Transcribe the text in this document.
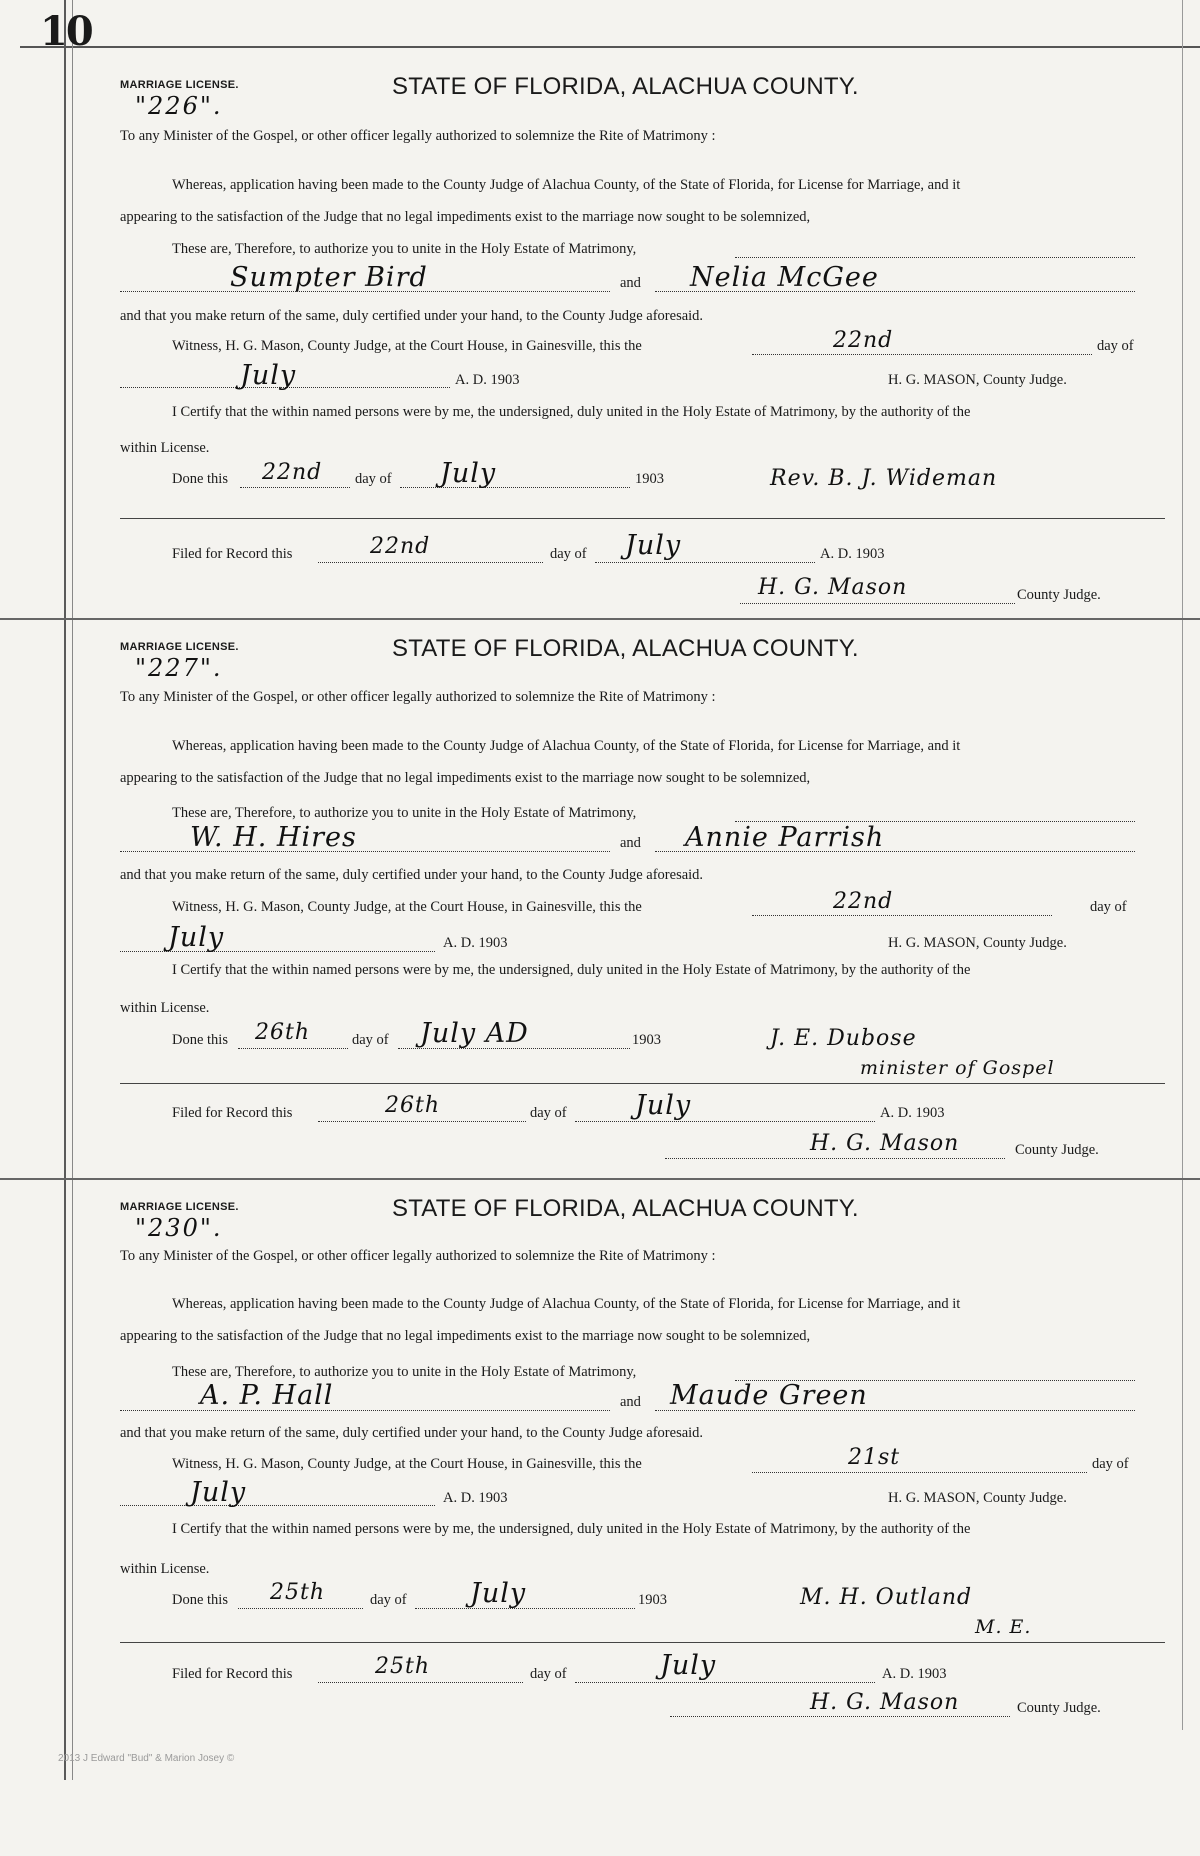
10
MARRIAGE LICENSE.
"226".
STATE OF FLORIDA, ALACHUA COUNTY.
To any Minister of the Gospel, or other officer legally authorized to solemnize the Rite of Matrimony :
Whereas, application having been made to the County Judge of Alachua County, of the State of Florida, for License for Marriage, and it
appearing to the satisfaction of the Judge that no legal impediments exist to the marriage now sought to be solemnized,
These are, Therefore, to authorize you to unite in the Holy Estate of Matrimony,
Sumpter Bird	and Nelia McGee
and that you make return of the same, duly certified under your hand, to the County Judge aforesaid.
Witness, H. G. Mason, County Judge, at the Court House, in Gainesville, this the	22nd	day of
July	A. D. 1903	H. G. MASON, County Judge.
I Certify that the within named persons were by me, the undersigned, duly united in the Holy Estate of Matrimony, by the authority of the
within License.
Done this 22nd day of July	1903	Rev. B. J. Wideman
Filed for Record this	22nd	day of July	A. D. 1903
H. G. Mason	County Judge.
MARRIAGE LICENSE.
"227".
STATE OF FLORIDA, ALACHUA COUNTY.
To any Minister of the Gospel, or other officer legally authorized to solemnize the Rite of Matrimony :
Whereas, application having been made to the County Judge of Alachua County, of the State of Florida, for License for Marriage, and it
appearing to the satisfaction of the Judge that no legal impediments exist to the marriage now sought to be solemnized,
These are, Therefore, to authorize you to unite in the Holy Estate of Matrimony,
W. H. Hires	and Annie Parrish
and that you make return of the same, duly certified under your hand, to the County Judge aforesaid.
Witness, H. G. Mason, County Judge, at the Court House, in Gainesville, this the	22nd	day of
July	A. D. 1903	H. G. MASON, County Judge.
I Certify that the within named persons were by me, the undersigned, duly united in the Holy Estate of Matrimony, by the authority of the
within License.
Done this 26th	day of July AD	1903	J. E. Dubose
minister of Gospel
Filed for Record this	26th	day of	July	A. D. 1903
H. G. Mason	County Judge.
MARRIAGE LICENSE.
"230".
STATE OF FLORIDA, ALACHUA COUNTY.
To any Minister of the Gospel, or other officer legally authorized to solemnize the Rite of Matrimony :
Whereas, application having been made to the County Judge of Alachua County, of the State of Florida, for License for Marriage, and it
appearing to the satisfaction of the Judge that no legal impediments exist to the marriage now sought to be solemnized,
These are, Therefore, to authorize you to unite in the Holy Estate of Matrimony,
A. P. Hall	and Maude Green
and that you make return of the same, duly certified under your hand, to the County Judge aforesaid.
Witness, H. G. Mason, County Judge, at the Court House, in Gainesville, this the	21st	day of
July	A. D. 1903	H. G. MASON, County Judge.
I Certify that the within named persons were by me, the undersigned, duly united in the Holy Estate of Matrimony, by the authority of the
within License.
Done this 25th	day of July	1903	M. H. Outland
M. E.
Filed for Record this	25th	day of	July	A. D. 1903
H. G. Mason	County Judge.
2013 J Edward "Bud" & Marion Josey ©
